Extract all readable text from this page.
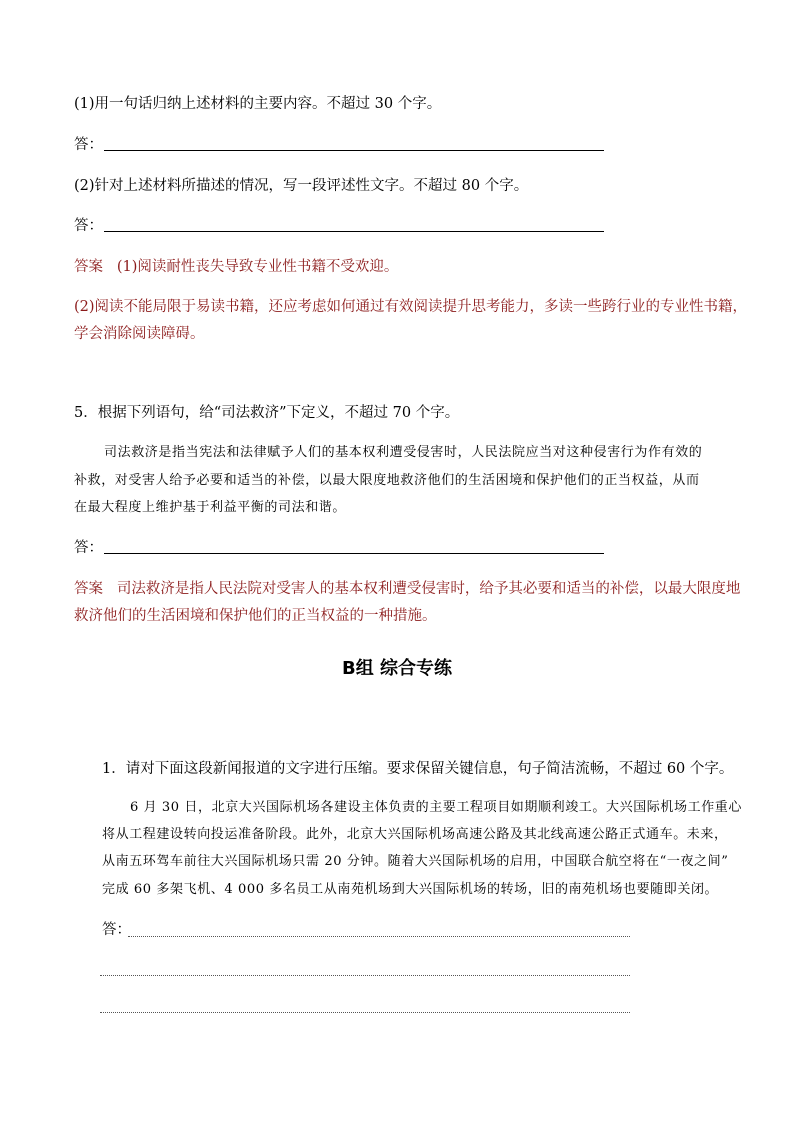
(1)用一句话归纳上述材料的主要内容。不超过 30 个字。
答：
(2)针对上述材料所描述的情况，写一段评述性文字。不超过 80 个字。
答：
答案 (1)阅读耐性丧失导致专业性书籍不受欢迎。
(2)阅读不能局限于易读书籍，还应考虑如何通过有效阅读提升思考能力，多读一些跨行业的专业性书籍，
学会消除阅读障碍。
5．根据下列语句，给“司法救济”下定义，不超过 70 个字。
司法救济是指当宪法和法律赋予人们的基本权利遭受侵害时，人民法院应当对这种侵害行为作有效的
补救，对受害人给予必要和适当的补偿，以最大限度地救济他们的生活困境和保护他们的正当权益，从而
在最大程度上维护基于利益平衡的司法和谐。
答：
答案 司法救济是指人民法院对受害人的基本权利遭受侵害时，给予其必要和适当的补偿，以最大限度地
救济他们的生活困境和保护他们的正当权益的一种措施。
B组 综合专练
1．请对下面这段新闻报道的文字进行压缩。要求保留关键信息，句子简洁流畅，不超过 60 个字。
6 月 30 日，北京大兴国际机场各建设主体负责的主要工程项目如期顺利竣工。大兴国际机场工作重心
将从工程建设转向投运准备阶段。此外，北京大兴国际机场高速公路及其北线高速公路正式通车。未来，
从南五环驾车前往大兴国际机场只需 20 分钟。随着大兴国际机场的启用，中国联合航空将在“一夜之间”
完成 60 多架飞机、4 000 多名员工从南苑机场到大兴国际机场的转场，旧的南苑机场也要随即关闭。
答：
